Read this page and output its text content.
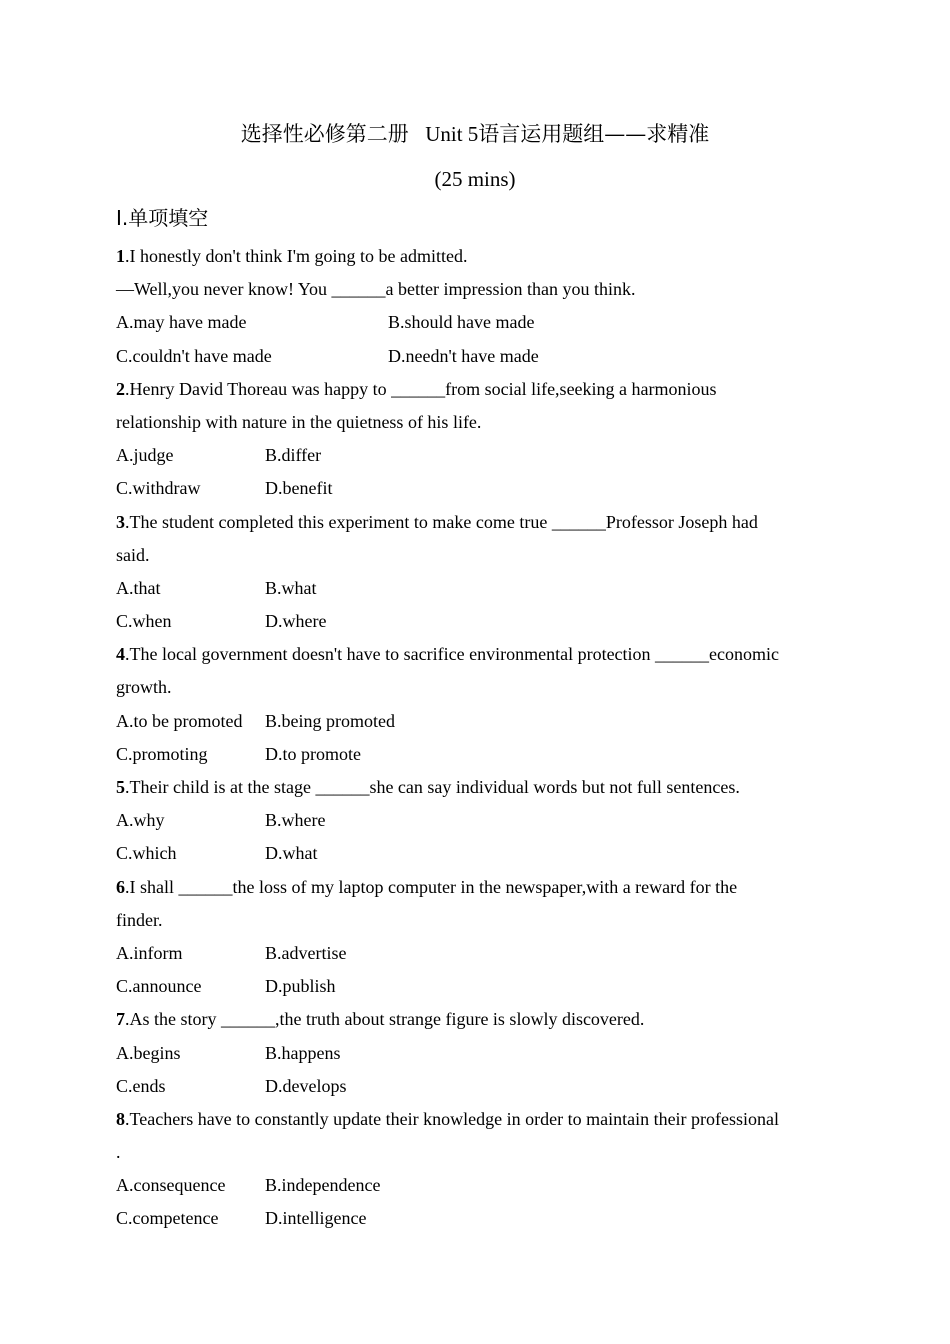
选择性必修第二册 Unit 5语言运用题组——求精准
(25 mins)
Ⅰ.单项填空
1.I honestly don't think I'm going to be admitted.
—Well,you never know! You ______a better impression than you think.
A.may have made	B.should have made
C.couldn't have made	D.needn't have made
2.Henry David Thoreau was happy to ______from social life,seeking a harmonious
relationship with nature in the quietness of his life.
A.judge	B.differ
C.withdraw	D.benefit
3.The student completed this experiment to make come true ______Professor Joseph had
said.
A.that	B.what
C.when	D.where
4.The local government doesn't have to sacrifice environmental protection ______economic
growth.
A.to be promoted B.being promoted
C.promoting	D.to promote
5.Their child is at the stage ______she can say individual words but not full sentences.
A.why	B.where
C.which	D.what
6.I shall ______the loss of my laptop computer in the newspaper,with a reward for the
finder.
A.inform	B.advertise
C.announce	D.publish
7.As the story ______,the truth about strange figure is slowly discovered.
A.begins	B.happens
C.ends	D.develops
8.Teachers have to constantly update their knowledge in order to maintain their professional
.
A.consequence B.independence
C.competence	D.intelligence
